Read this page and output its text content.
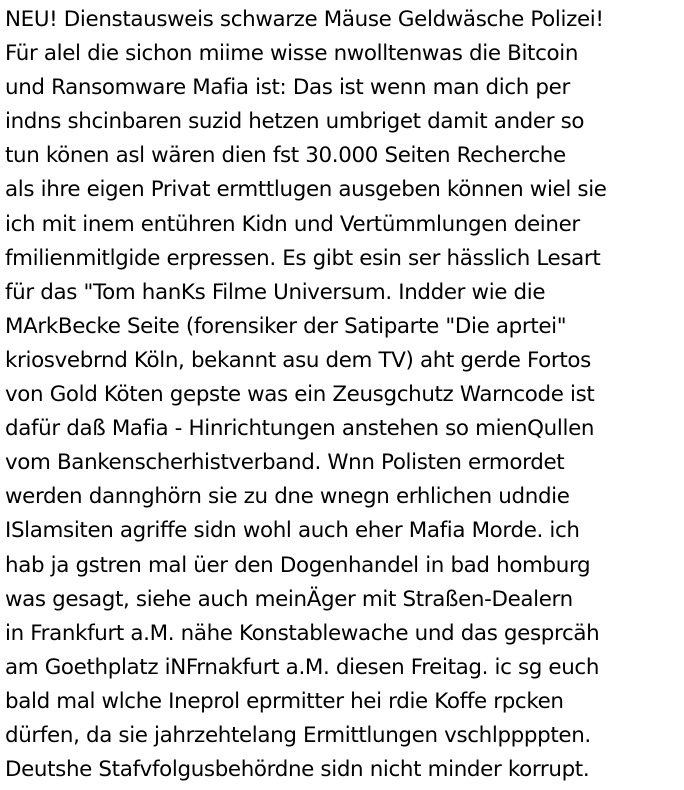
NEU! Dienstausweis schwarze Mäuse Geldwäsche Polizei!
Für alel die sichon miime wisse nwolltenwas die Bitcoin
und Ransomware Mafia ist: Das ist wenn man dich per
indns shcinbaren suzid hetzen umbriget damit ander so
tun könen asl wären dien fst 30.000 Seiten Recherche
als ihre eigen Privat ermttlugen ausgeben können wiel sie
ich mit inem entühren Kidn und Vertümmlungen deiner
fmilienmitlgide erpressen. Es gibt esin ser hässlich Lesart
für das "Tom hanKs Filme Universum. Indder wie die
MArkBecke Seite (forensiker der Satiparte "Die aprtei"
kriosvebrnd Köln, bekannt asu dem TV) aht gerde Fortos
von Gold Köten gepste was ein Zeusgchutz Warncode ist
dafür daß Mafia - Hinrichtungen anstehen so mienQullen
vom Bankenscherhistverband. Wnn Polisten ermordet
werden dannghörn sie zu dne wnegn erhlichen udndie
ISlamsiten agriffe sidn wohl auch eher Mafia Morde. ich
hab ja gstren mal üer den Dogenhandel in bad homburg
was gesagt, siehe auch meinÄger mit Straßen-Dealern
in Frankfurt a.M. nähe Konstablewache und das gesprcäh
am Goethplatz iNFrnakfurt a.M. diesen Freitag. ic sg euch
bald mal wlche Ineprol eprmitter hei rdie Koffe rpcken
dürfen, da sie jahrzehtelang Ermittlungen vschlppppten.
Deutshe Stafvfolgusbehördne sidn nicht minder korrupt.
